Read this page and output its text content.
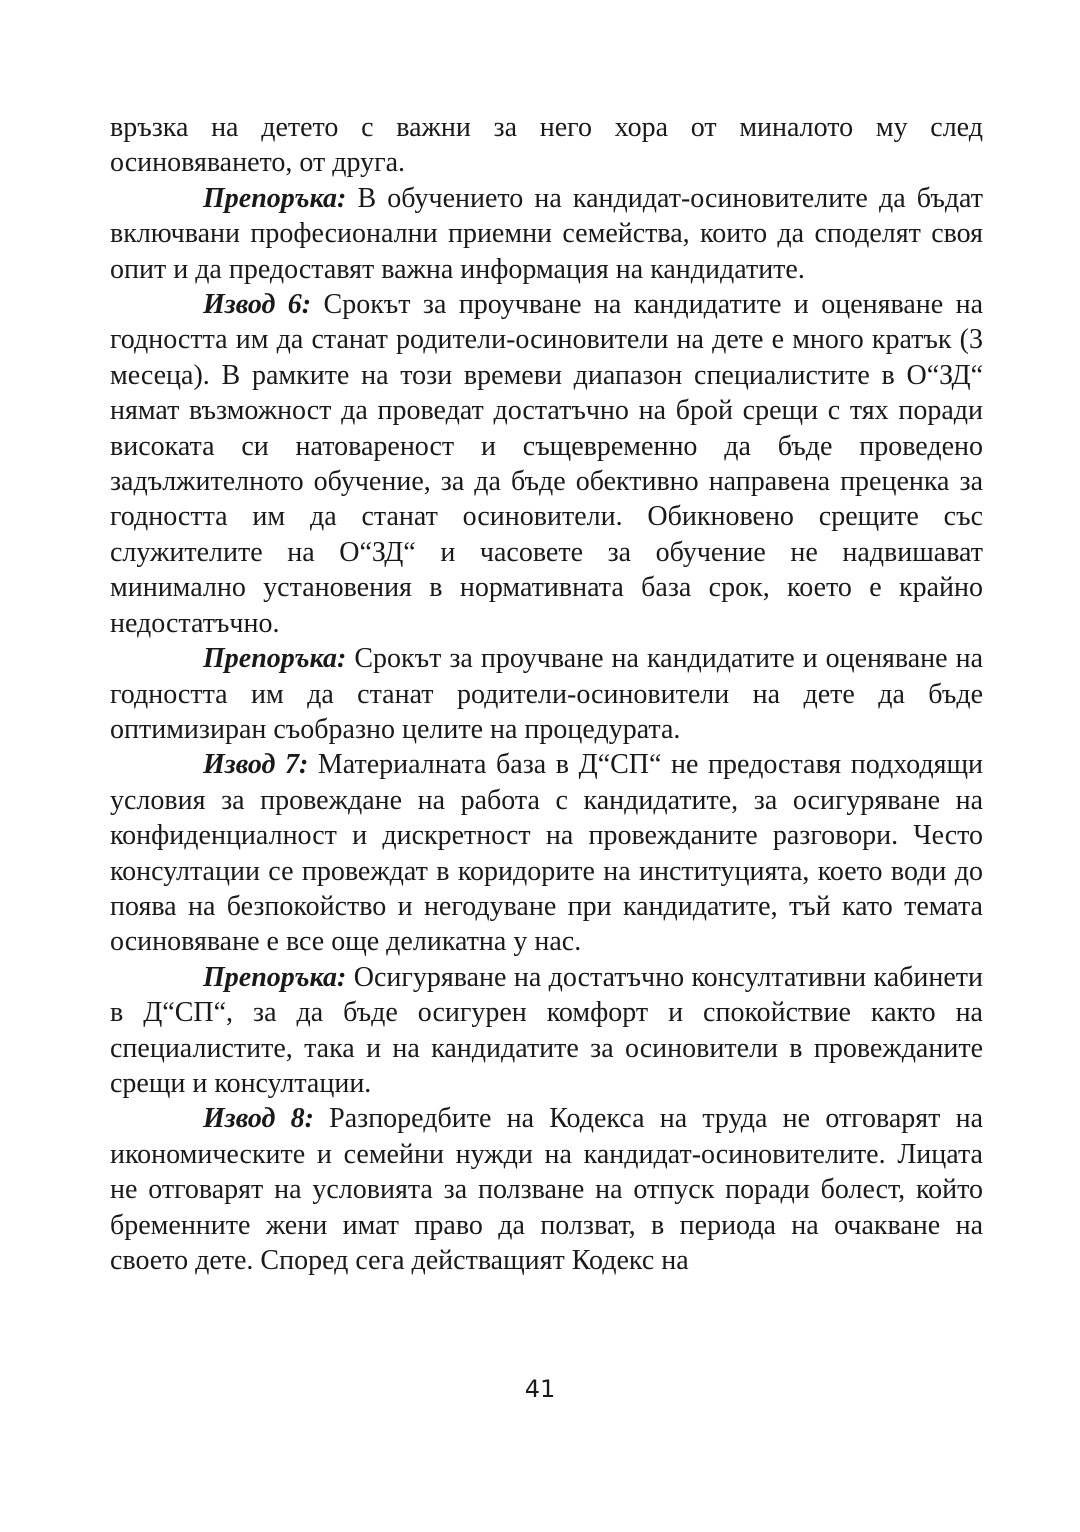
връзка на детето с важни за него хора от миналото му след осиновяването, от друга.

Препоръка: В обучението на кандидат-осиновителите да бъдат включвани професионални приемни семейства, които да споделят своя опит и да предоставят важна информация на кандидатите.

Извод 6: Срокът за проучване на кандидатите и оценяване на годността им да станат родители-осиновители на дете е много кратък (3 месеца). В рамките на този времеви диапазон специалистите в О“ЗД“ нямат възможност да проведат достатъчно на брой срещи с тях поради високата си натовареност и същевременно да бъде проведено задължителното обучение, за да бъде обективно направена преценка за годността им да станат осиновители. Обикновено срещите със служителите на О“ЗД“ и часовете за обучение не надвишават минимално установения в нормативната база срок, което е крайно недостатъчно.

Препоръка: Срокът за проучване на кандидатите и оценяване на годността им да станат родители-осиновители на дете да бъде оптимизиран съобразно целите на процедурата.

Извод 7: Материалната база в Д“СП“ не предоставя подходящи условия за провеждане на работа с кандидатите, за осигуряване на конфиденциалност и дискретност на провежданите разговори. Често консултации се провеждат в коридорите на институцията, което води до поява на безпокойство и негодуване при кандидатите, тъй като темата осиновяване е все още деликатна у нас.

Препоръка: Осигуряване на достатъчно консултативни кабинети в Д“СП“, за да бъде осигурен комфорт и спокойствие както на специалистите, така и на кандидатите за осиновители в провежданите срещи и консултации.

Извод 8: Разпоредбите на Кодекса на труда не отговарят на икономическите и семейни нужди на кандидат-осиновителите. Лицата не отговарят на условията за ползване на отпуск поради болест, който бременните жени имат право да ползват, в периода на очакване на своето дете. Според сега действащият Кодекс на

41
